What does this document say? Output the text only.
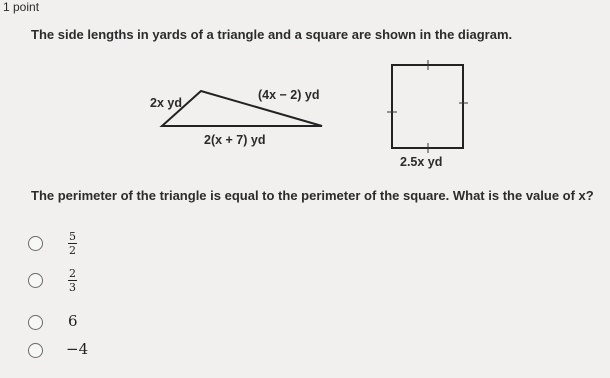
1 point
The side lengths in yards of a triangle and a square are shown in the diagram.
2x yd
(4x − 2) yd
2(x + 7) yd
2.5x yd
The perimeter of the triangle is equal to the perimeter of the square. What is the value of x?
5
2
2
3
6
−4
